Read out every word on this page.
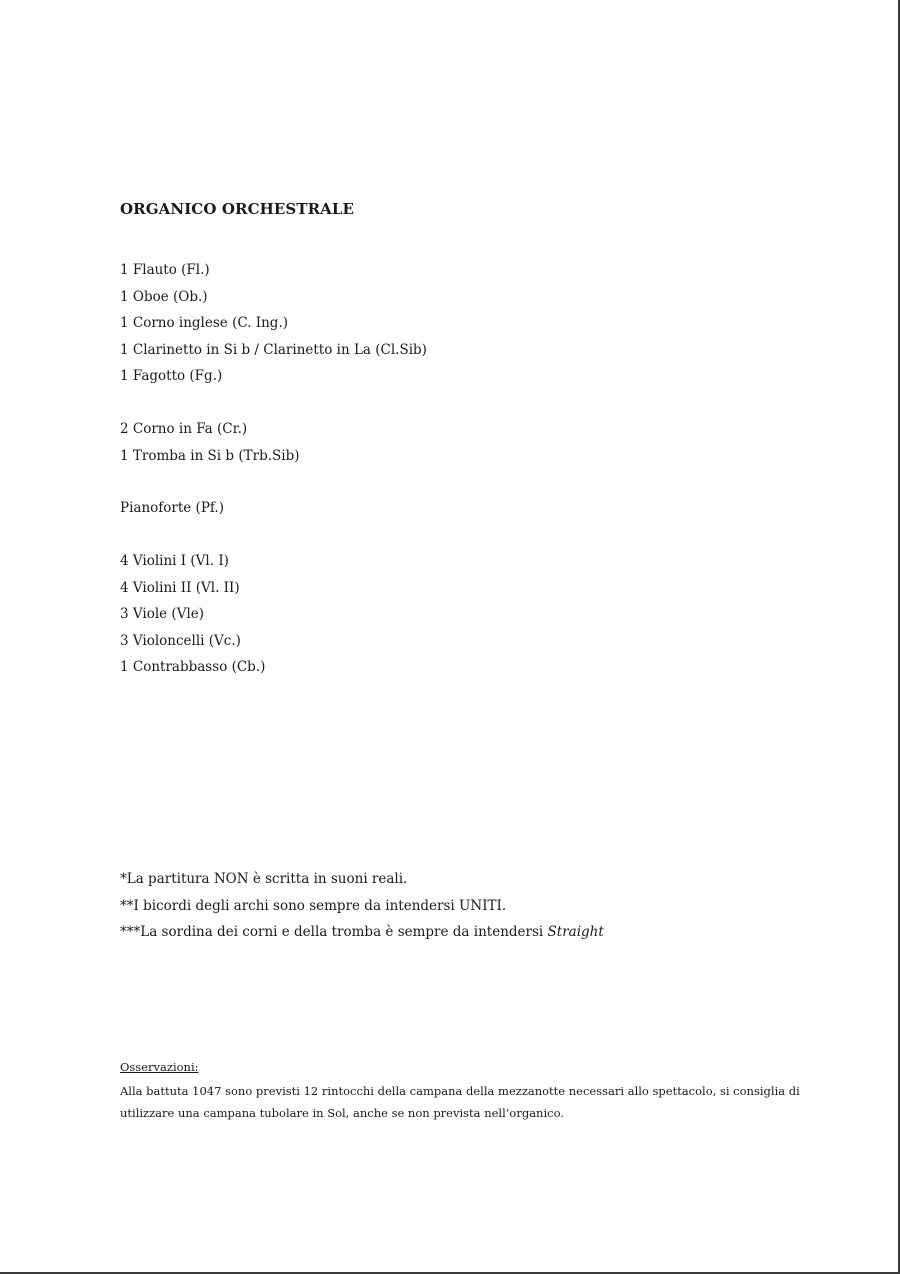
ORGANICO ORCHESTRALE
1 Flauto (Fl.)
1 Oboe (Ob.)
1 Corno inglese (C. Ing.)
1 Clarinetto in Si b / Clarinetto in La (Cl.Sib)
1 Fagotto (Fg.)
2 Corno in Fa (Cr.)
1 Tromba in Si b (Trb.Sib)
Pianoforte (Pf.)
4 Violini I (Vl. I)
4 Violini II (Vl. II)
3 Viole (Vle)
3 Violoncelli (Vc.)
1 Contrabbasso (Cb.)
*La partitura NON è scritta in suoni reali.
**I bicordi degli archi sono sempre da intendersi UNITI.
***La sordina dei corni e della tromba è sempre da intendersi Straight

Osservazioni:

Alla battuta 1047 sono previsti 12 rintocchi della campana della mezzanotte necessari allo spettacolo, si consiglia di utilizzare una campana tubolare in Sol, anche se non prevista nell’organico.
